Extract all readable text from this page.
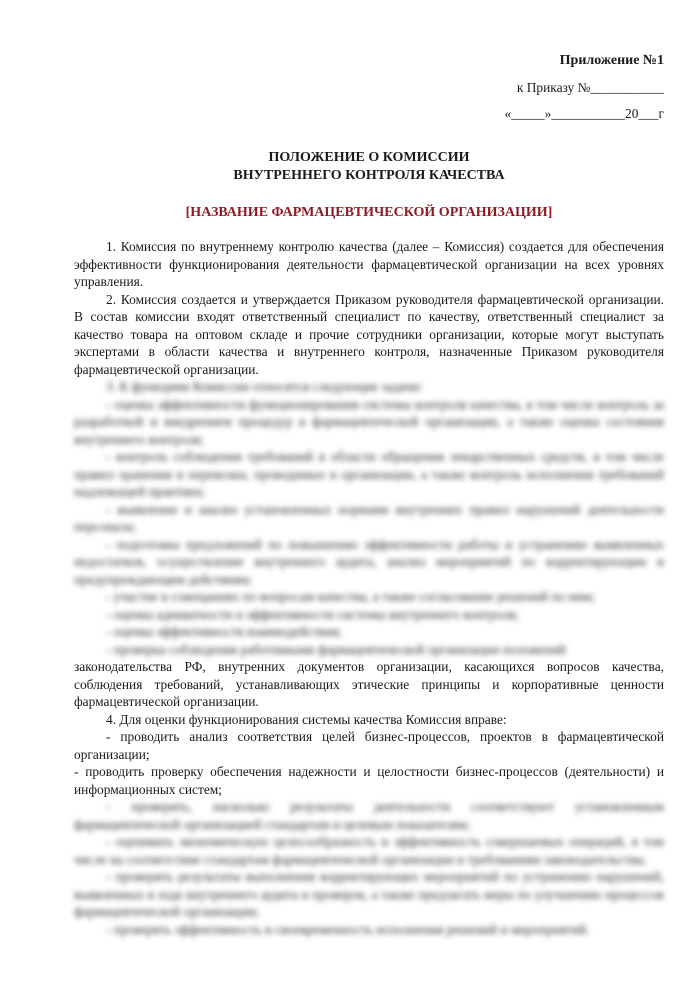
Приложение №1
к Приказу №___________
«_____»___________20___г
ПОЛОЖЕНИЕ О КОМИССИИ
ВНУТРЕННЕГО КОНТРОЛЯ КАЧЕСТВА
[НАЗВАНИЕ ФАРМАЦЕВТИЧЕСКОЙ ОРГАНИЗАЦИИ]

1. Комиссия по внутреннему контролю качества (далее – Комиссия) создается для обеспечения эффективности функционирования деятельности фармацевтической организации на всех уровнях управления.

2. Комиссия создается и утверждается Приказом руководителя фармацевтической организации. В состав комиссии входят ответственный специалист по качеству, ответственный специалист за качество товара на оптовом складе и прочие сотрудники организации, которые могут выступать экспертами в области качества и внутреннего контроля, назначенные Приказом руководителя фармацевтической организации.

3. К функциям Комиссии относятся следующие задачи:

- оценка эффективности функционирования системы контроля качества, в том числе контроль за разработкой и внедрением процедур в фармацевтической организации, а также оценка состояния внутреннего контроля;

- контроль соблюдения требований в области обращения лекарственных средств, в том числе правил хранения и перевозки, проводимых в организации, а также контроль исполнения требований надлежащей практики;

- выявление и анализ установленных нормами внутренних правил нарушений деятельности персонала;

- подготовка предложений по повышению эффективности работы и устранению выявленных недостатков, осуществление внутреннего аудита, анализ мероприятий по корректирующим и предупреждающим действиям;

- участие в совещаниях по вопросам качества, а также согласование решений по ним;

- оценка адекватности и эффективности системы внутреннего контроля;

- оценка эффективности взаимодействия;

- проверка соблюдения работниками фармацевтической организации положений

законодательства РФ, внутренних документов организации, касающихся вопросов качества, соблюдения требований, устанавливающих этические принципы и корпоративные ценности фармацевтической организации.

4. Для оценки функционирования системы качества Комиссия вправе:

- проводить анализ соответствия целей бизнес-процессов, проектов в фармацевтической организации;

- проводить проверку обеспечения надежности и целостности бизнес-процессов (деятельности) и информационных систем;

- проверять, насколько результаты деятельности соответствуют установленным фармацевтической организацией стандартам и целевым показателям;

- оценивать экономическую целесообразность и эффективность совершаемых операций, в том числе на соответствие стандартам фармацевтической организации и требованиям законодательства;

- проверять результаты выполнения корректирующих мероприятий по устранению нарушений, выявленных в ходе внутреннего аудита и проверок, а также предлагать меры по улучшению процессов фармацевтической организации;

- проверять эффективность и своевременность исполнения решений и мероприятий.
